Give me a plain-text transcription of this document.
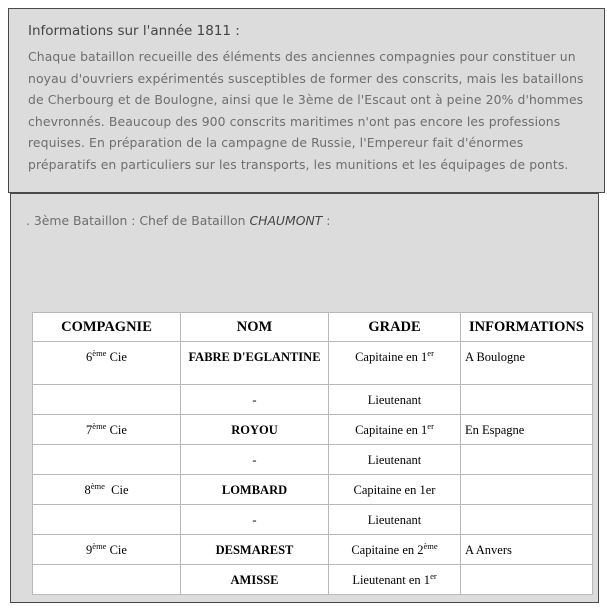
Informations sur l'année 1811 :
Chaque bataillon recueille des éléments des anciennes compagnies pour constituer un
noyau d'ouvriers expérimentés susceptibles de former des conscrits, mais les bataillons
de Cherbourg et de Boulogne, ainsi que le 3ème de l'Escaut ont à peine 20% d'hommes
chevronnés. Beaucoup des 900 conscrits maritimes n'ont pas encore les professions
requises. En préparation de la campagne de Russie, l'Empereur fait d'énormes
préparatifs en particuliers sur les transports, les munitions et les équipages de ponts.
. 3ème Bataillon : Chef de Bataillon CHAUMONT :
COMPAGNIE	NOM	GRADE	INFORMATIONS
6ème Cie	FABRE D'EGLANTINE	Capitaine en 1er	A Boulogne
	-	Lieutenant	
7ème Cie	ROYOU	Capitaine en 1er	En Espagne
	-	Lieutenant	
8ème  Cie	LOMBARD	Capitaine en 1er	
	-	Lieutenant	
9ème Cie	DESMAREST	Capitaine en 2ème	A Anvers
	AMISSE	Lieutenant en 1er	
